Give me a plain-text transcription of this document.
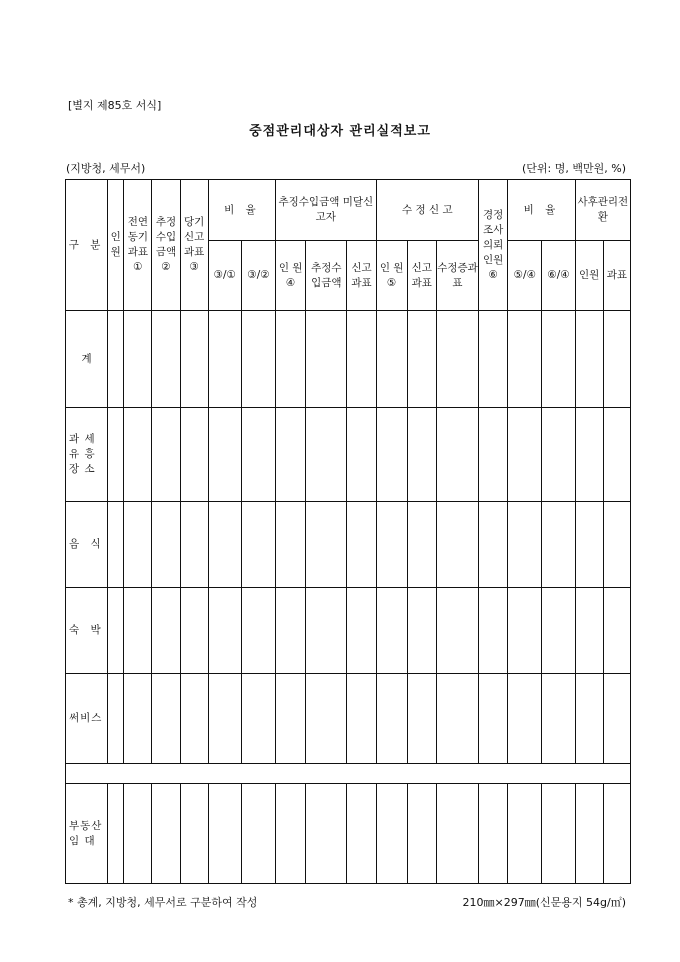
[별지 제85호 서식]
중점관리대상자 관리실적보고
(지방청, 세무서)	(단위: 명, 백만원, %)
구 분	인원	전연동기과표①	추정수입금액②	당기신고과표③	비 율		추징수입금액 미달신고자			수 정 신 고			경정조사의뢰인원⑥	비 율		사후관리전 환	
					③/①	③/②	인 원④	추정수입금액	신고과표	인 원⑤	신고과표	수정증과 표		⑤/④	⑥/④	인원	과표
계																	
과 세 유 흥 장 소																	
음 식																	
숙 박																	
써비스																	

부동산 임 대																	
* 총계, 지방청, 세무서로 구분하여 작성	210㎜×297㎜(신문용지 54g/㎡)
